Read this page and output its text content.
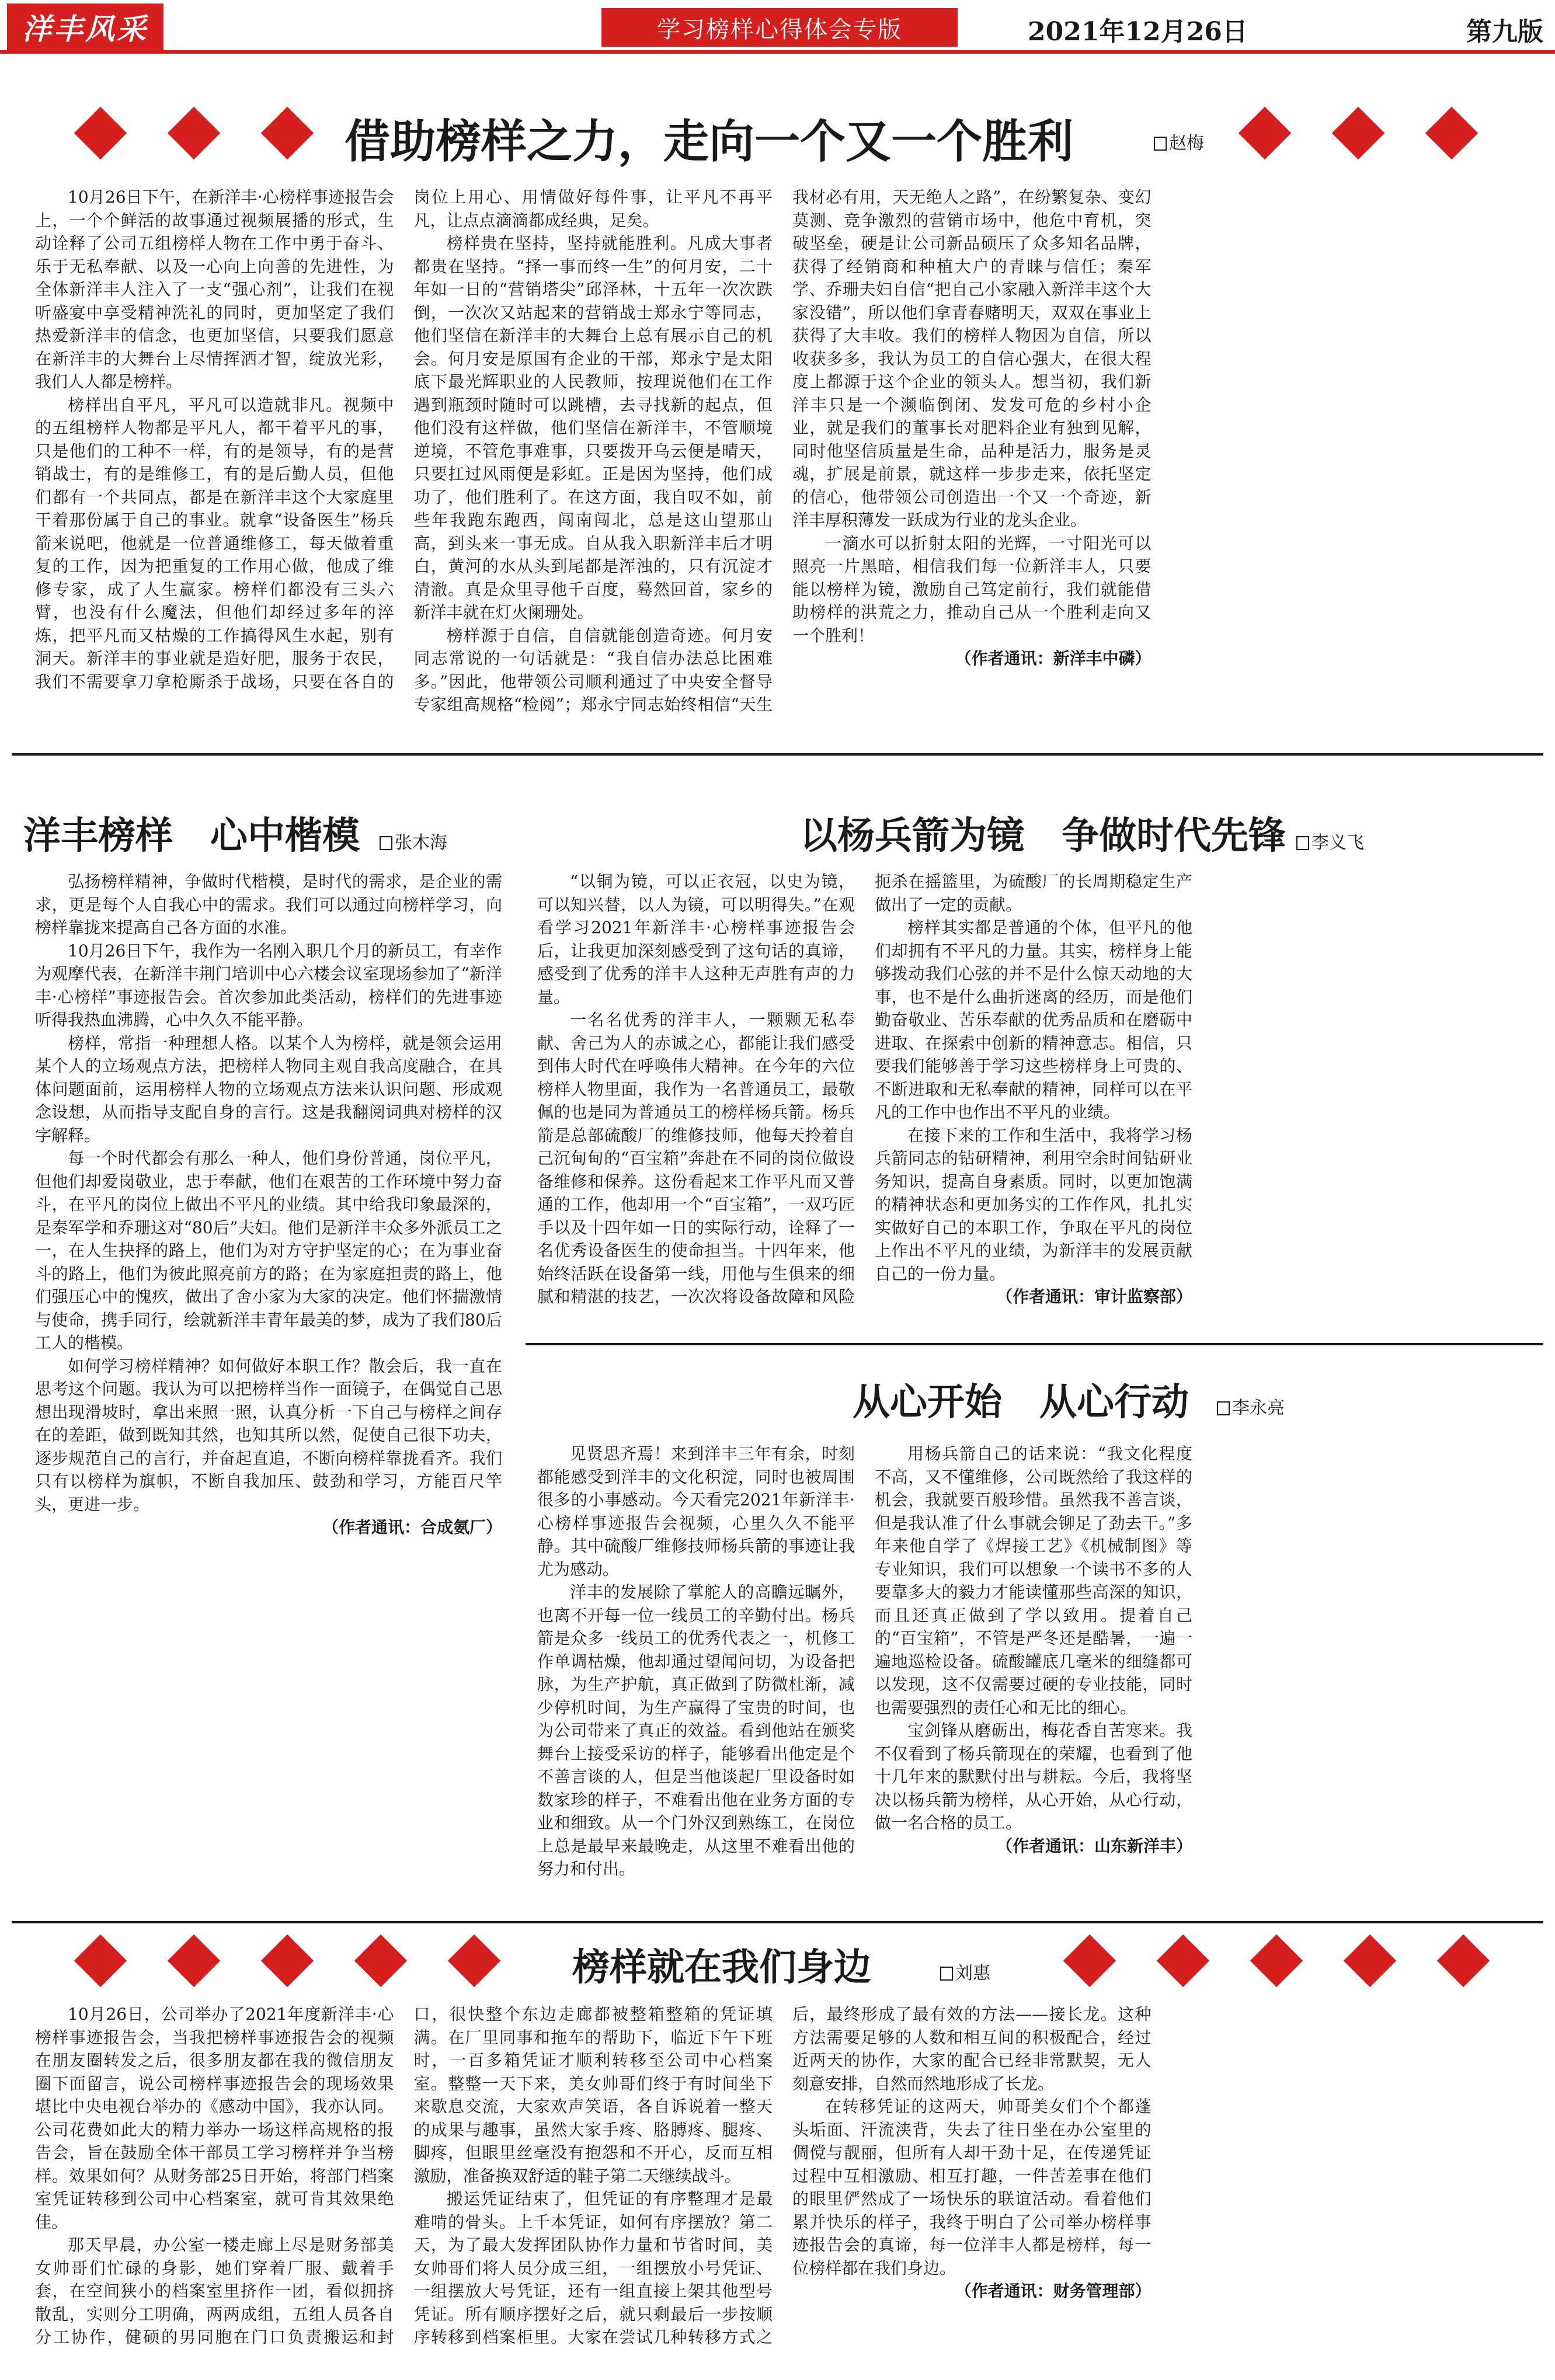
洋丰风采	学习榜样心得体会专版	2021年12月26日	第九版
借助榜样之力，走向一个又一个胜利	赵梅

10月26日下午，在新洋丰·心榜样事迹报告会上，一个个鲜活的故事通过视频展播的形式，生动诠释了公司五组榜样人物在工作中勇于奋斗、乐于无私奉献、以及一心向上向善的先进性，为全体新洋丰人注入了一支“强心剂”，让我们在视听盛宴中享受精神洗礼的同时，更加坚定了我们热爱新洋丰的信念，也更加坚信，只要我们愿意在新洋丰的大舞台上尽情挥洒才智，绽放光彩，我们人人都是榜样。

榜样出自平凡，平凡可以造就非凡。视频中的五组榜样人物都是平凡人，都干着平凡的事，只是他们的工种不一样，有的是领导，有的是营销战士，有的是维修工，有的是后勤人员，但他们都有一个共同点，都是在新洋丰这个大家庭里干着那份属于自己的事业。就拿“设备医生”杨兵箭来说吧，他就是一位普通维修工，每天做着重复的工作，因为把重复的工作用心做，他成了维修专家，成了人生赢家。榜样们都没有三头六臂，也没有什么魔法，但他们却经过多年的淬炼，把平凡而又枯燥的工作搞得风生水起，别有洞天。新洋丰的事业就是造好肥，服务于农民，我们不需要拿刀拿枪厮杀于战场，只要在各自的岗位上用心、用情做好每件事，让平凡不再平凡，让点点滴滴都成经典，足矣。

榜样贵在坚持，坚持就能胜利。凡成大事者都贵在坚持。“择一事而终一生”的何月安，二十年如一日的“营销塔尖”邱泽林，十五年一次次跌倒，一次次又站起来的营销战士郑永宁等同志，他们坚信在新洋丰的大舞台上总有展示自己的机会。何月安是原国有企业的干部，郑永宁是太阳底下最光辉职业的人民教师，按理说他们在工作遇到瓶颈时随时可以跳槽，去寻找新的起点，但他们没有这样做，他们坚信在新洋丰，不管顺境逆境，不管危事难事，只要拨开乌云便是晴天，只要扛过风雨便是彩虹。正是因为坚持，他们成功了，他们胜利了。在这方面，我自叹不如，前些年我跑东跑西，闯南闯北，总是这山望那山高，到头来一事无成。自从我入职新洋丰后才明白，黄河的水从头到尾都是浑浊的，只有沉淀才清澈。真是众里寻他千百度，蓦然回首，家乡的新洋丰就在灯火阑珊处。

榜样源于自信，自信就能创造奇迹。何月安同志常说的一句话就是：“我自信办法总比困难多。”因此，他带领公司顺利通过了中央安全督导专家组高规格“检阅”；郑永宁同志始终相信“天生我材必有用，天无绝人之路”，在纷繁复杂、变幻莫测、竞争激烈的营销市场中，他危中育机，突破坚垒，硬是让公司新品硕压了众多知名品牌，获得了经销商和种植大户的青睐与信任；秦军学、乔珊夫妇自信“把自己小家融入新洋丰这个大家没错”，所以他们拿青春赌明天，双双在事业上获得了大丰收。我们的榜样人物因为自信，所以收获多多，我认为员工的自信心强大，在很大程度上都源于这个企业的领头人。想当初，我们新洋丰只是一个濒临倒闭、发发可危的乡村小企业，就是我们的董事长对肥料企业有独到见解，同时他坚信质量是生命，品种是活力，服务是灵魂，扩展是前景，就这样一步步走来，依托坚定的信心，他带领公司创造出一个又一个奇迹，新洋丰厚积薄发一跃成为行业的龙头企业。

一滴水可以折射太阳的光辉，一寸阳光可以照亮一片黑暗，相信我们每一位新洋丰人，只要能以榜样为镜，激励自己笃定前行，我们就能借助榜样的洪荒之力，推动自己从一个胜利走向又一个胜利！

（作者通讯：新洋丰中磷）

洋丰榜样　心中楷模	张木海

弘扬榜样精神，争做时代楷模，是时代的需求，是企业的需求，更是每个人自我心中的需求。我们可以通过向榜样学习，向榜样靠拢来提高自己各方面的水准。

10月26日下午，我作为一名刚入职几个月的新员工，有幸作为观摩代表，在新洋丰荆门培训中心六楼会议室现场参加了“新洋丰·心榜样”事迹报告会。首次参加此类活动，榜样们的先进事迹听得我热血沸腾，心中久久不能平静。

榜样，常指一种理想人格。以某个人为榜样，就是领会运用某个人的立场观点方法，把榜样人物同主观自我高度融合，在具体问题面前，运用榜样人物的立场观点方法来认识问题、形成观念设想，从而指导支配自身的言行。这是我翻阅词典对榜样的汉字解释。

每一个时代都会有那么一种人，他们身份普通，岗位平凡，但他们却爱岗敬业，忠于奉献，他们在艰苦的工作环境中努力奋斗，在平凡的岗位上做出不平凡的业绩。其中给我印象最深的，是秦军学和乔珊这对“80后”夫妇。他们是新洋丰众多外派员工之一，在人生抉择的路上，他们为对方守护坚定的心；在为事业奋斗的路上，他们为彼此照亮前方的路；在为家庭担责的路上，他们强压心中的愧疚，做出了舍小家为大家的决定。他们怀揣激情与使命，携手同行，绘就新洋丰青年最美的梦，成为了我们80后工人的楷模。

如何学习榜样精神？如何做好本职工作？散会后，我一直在思考这个问题。我认为可以把榜样当作一面镜子，在偶觉自己思想出现滑坡时，拿出来照一照，认真分析一下自己与榜样之间存在的差距，做到既知其然，也知其所以然，促使自己很下功夫，逐步规范自己的言行，并奋起直追，不断向榜样靠拢看齐。我们只有以榜样为旗帜，不断自我加压、鼓劲和学习，方能百尺竿头，更进一步。

（作者通讯：合成氨厂）

以杨兵箭为镜　争做时代先锋	李义飞

“以铜为镜，可以正衣冠，以史为镜，可以知兴替，以人为镜，可以明得失。”在观看学习2021年新洋丰·心榜样事迹报告会后，让我更加深刻感受到了这句话的真谛，感受到了优秀的洋丰人这种无声胜有声的力量。

一名名优秀的洋丰人，一颗颗无私奉献、舍己为人的赤诚之心，都能让我们感受到伟大时代在呼唤伟大精神。在今年的六位榜样人物里面，我作为一名普通员工，最敬佩的也是同为普通员工的榜样杨兵箭。杨兵箭是总部硫酸厂的维修技师，他每天拎着自己沉甸甸的“百宝箱”奔赴在不同的岗位做设备维修和保养。这份看起来工作平凡而又普通的工作，他却用一个“百宝箱”，一双巧匠手以及十四年如一日的实际行动，诠释了一名优秀设备医生的使命担当。十四年来，他始终活跃在设备第一线，用他与生俱来的细腻和精湛的技艺，一次次将设备故障和风险扼杀在摇篮里，为硫酸厂的长周期稳定生产做出了一定的贡献。

榜样其实都是普通的个体，但平凡的他们却拥有不平凡的力量。其实，榜样身上能够拨动我们心弦的并不是什么惊天动地的大事，也不是什么曲折迷离的经历，而是他们勤奋敬业、苦乐奉献的优秀品质和在磨砺中进取、在探索中创新的精神意志。相信，只要我们能够善于学习这些榜样身上可贵的、不断进取和无私奉献的精神，同样可以在平凡的工作中也作出不平凡的业绩。

在接下来的工作和生活中，我将学习杨兵箭同志的钻研精神，利用空余时间钻研业务知识，提高自身素质。同时，以更加饱满的精神状态和更加务实的工作作风，扎扎实实做好自己的本职工作，争取在平凡的岗位上作出不平凡的业绩，为新洋丰的发展贡献自己的一份力量。

（作者通讯：审计监察部）

从心开始　从心行动	李永亮

见贤思齐焉！来到洋丰三年有余，时刻都能感受到洋丰的文化积淀，同时也被周围很多的小事感动。今天看完2021年新洋丰·心榜样事迹报告会视频，心里久久不能平静。其中硫酸厂维修技师杨兵箭的事迹让我尤为感动。

洋丰的发展除了掌舵人的高瞻远瞩外，也离不开每一位一线员工的辛勤付出。杨兵箭是众多一线员工的优秀代表之一，机修工作单调枯燥，他却通过望闻问切，为设备把脉，为生产护航，真正做到了防微杜渐，减少停机时间，为生产赢得了宝贵的时间，也为公司带来了真正的效益。看到他站在颁奖舞台上接受采访的样子，能够看出他定是个不善言谈的人，但是当他谈起厂里设备时如数家珍的样子，不难看出他在业务方面的专业和细致。从一个门外汉到熟练工，在岗位上总是最早来最晚走，从这里不难看出他的努力和付出。

用杨兵箭自己的话来说：“我文化程度不高，又不懂维修，公司既然给了我这样的机会，我就要百般珍惜。虽然我不善言谈，但是我认准了什么事就会铆足了劲去干。”多年来他自学了《焊接工艺》《机械制图》等专业知识，我们可以想象一个读书不多的人要靠多大的毅力才能读懂那些高深的知识，而且还真正做到了学以致用。提着自己的“百宝箱”，不管是严冬还是酷暑，一遍一遍地巡检设备。硫酸罐底几毫米的细缝都可以发现，这不仅需要过硬的专业技能，同时也需要强烈的责任心和无比的细心。

宝剑锋从磨砺出，梅花香自苦寒来。我不仅看到了杨兵箭现在的荣耀，也看到了他十几年来的默默付出与耕耘。今后，我将坚决以杨兵箭为榜样，从心开始，从心行动，做一名合格的员工。

（作者通讯：山东新洋丰）

榜样就在我们身边	刘惠

10月26日，公司举办了2021年度新洋丰·心榜样事迹报告会，当我把榜样事迹报告会的视频在朋友圈转发之后，很多朋友都在我的微信朋友圈下面留言，说公司榜样事迹报告会的现场效果堪比中央电视台举办的《感动中国》，我亦认同。公司花费如此大的精力举办一场这样高规格的报告会，旨在鼓励全体干部员工学习榜样并争当榜样。效果如何？从财务部25日开始，将部门档案室凭证转移到公司中心档案室，就可肯其效果绝佳。

那天早晨，办公室一楼走廊上尽是财务部美女帅哥们忙碌的身影，她们穿着厂服、戴着手套，在空间狭小的档案室里挤作一团，看似拥挤散乱，实则分工明确，两两成组，五组人员各自分工协作，健硕的男同胞在门口负责搬运和封口，很快整个东边走廊都被整箱整箱的凭证填满。在厂里同事和拖车的帮助下，临近下午下班时，一百多箱凭证才顺利转移至公司中心档案室。整整一天下来，美女帅哥们终于有时间坐下来歇息交流，大家欢声笑语，各自诉说着一整天的成果与趣事，虽然大家手疼、胳膊疼、腿疼、脚疼，但眼里丝毫没有抱怨和不开心，反而互相激励，准备换双舒适的鞋子第二天继续战斗。

搬运凭证结束了，但凭证的有序整理才是最难啃的骨头。上千本凭证，如何有序摆放？第二天，为了最大发挥团队协作力量和节省时间，美女帅哥们将人员分成三组，一组摆放小号凭证、一组摆放大号凭证，还有一组直接上架其他型号凭证。所有顺序摆好之后，就只剩最后一步按顺序转移到档案柜里。大家在尝试几种转移方式之后，最终形成了最有效的方法——接长龙。这种方法需要足够的人数和相互间的积极配合，经过近两天的协作，大家的配合已经非常默契，无人刻意安排，自然而然地形成了长龙。

在转移凭证的这两天，帅哥美女们个个都蓬头垢面、汗流浃背，失去了往日坐在办公室里的倜傥与靓丽，但所有人却干劲十足，在传递凭证过程中互相激励、相互打趣，一件苦差事在他们的眼里俨然成了一场快乐的联谊活动。看着他们累并快乐的样子，我终于明白了公司举办榜样事迹报告会的真谛，每一位洋丰人都是榜样，每一位榜样都在我们身边。

（作者通讯：财务管理部）
